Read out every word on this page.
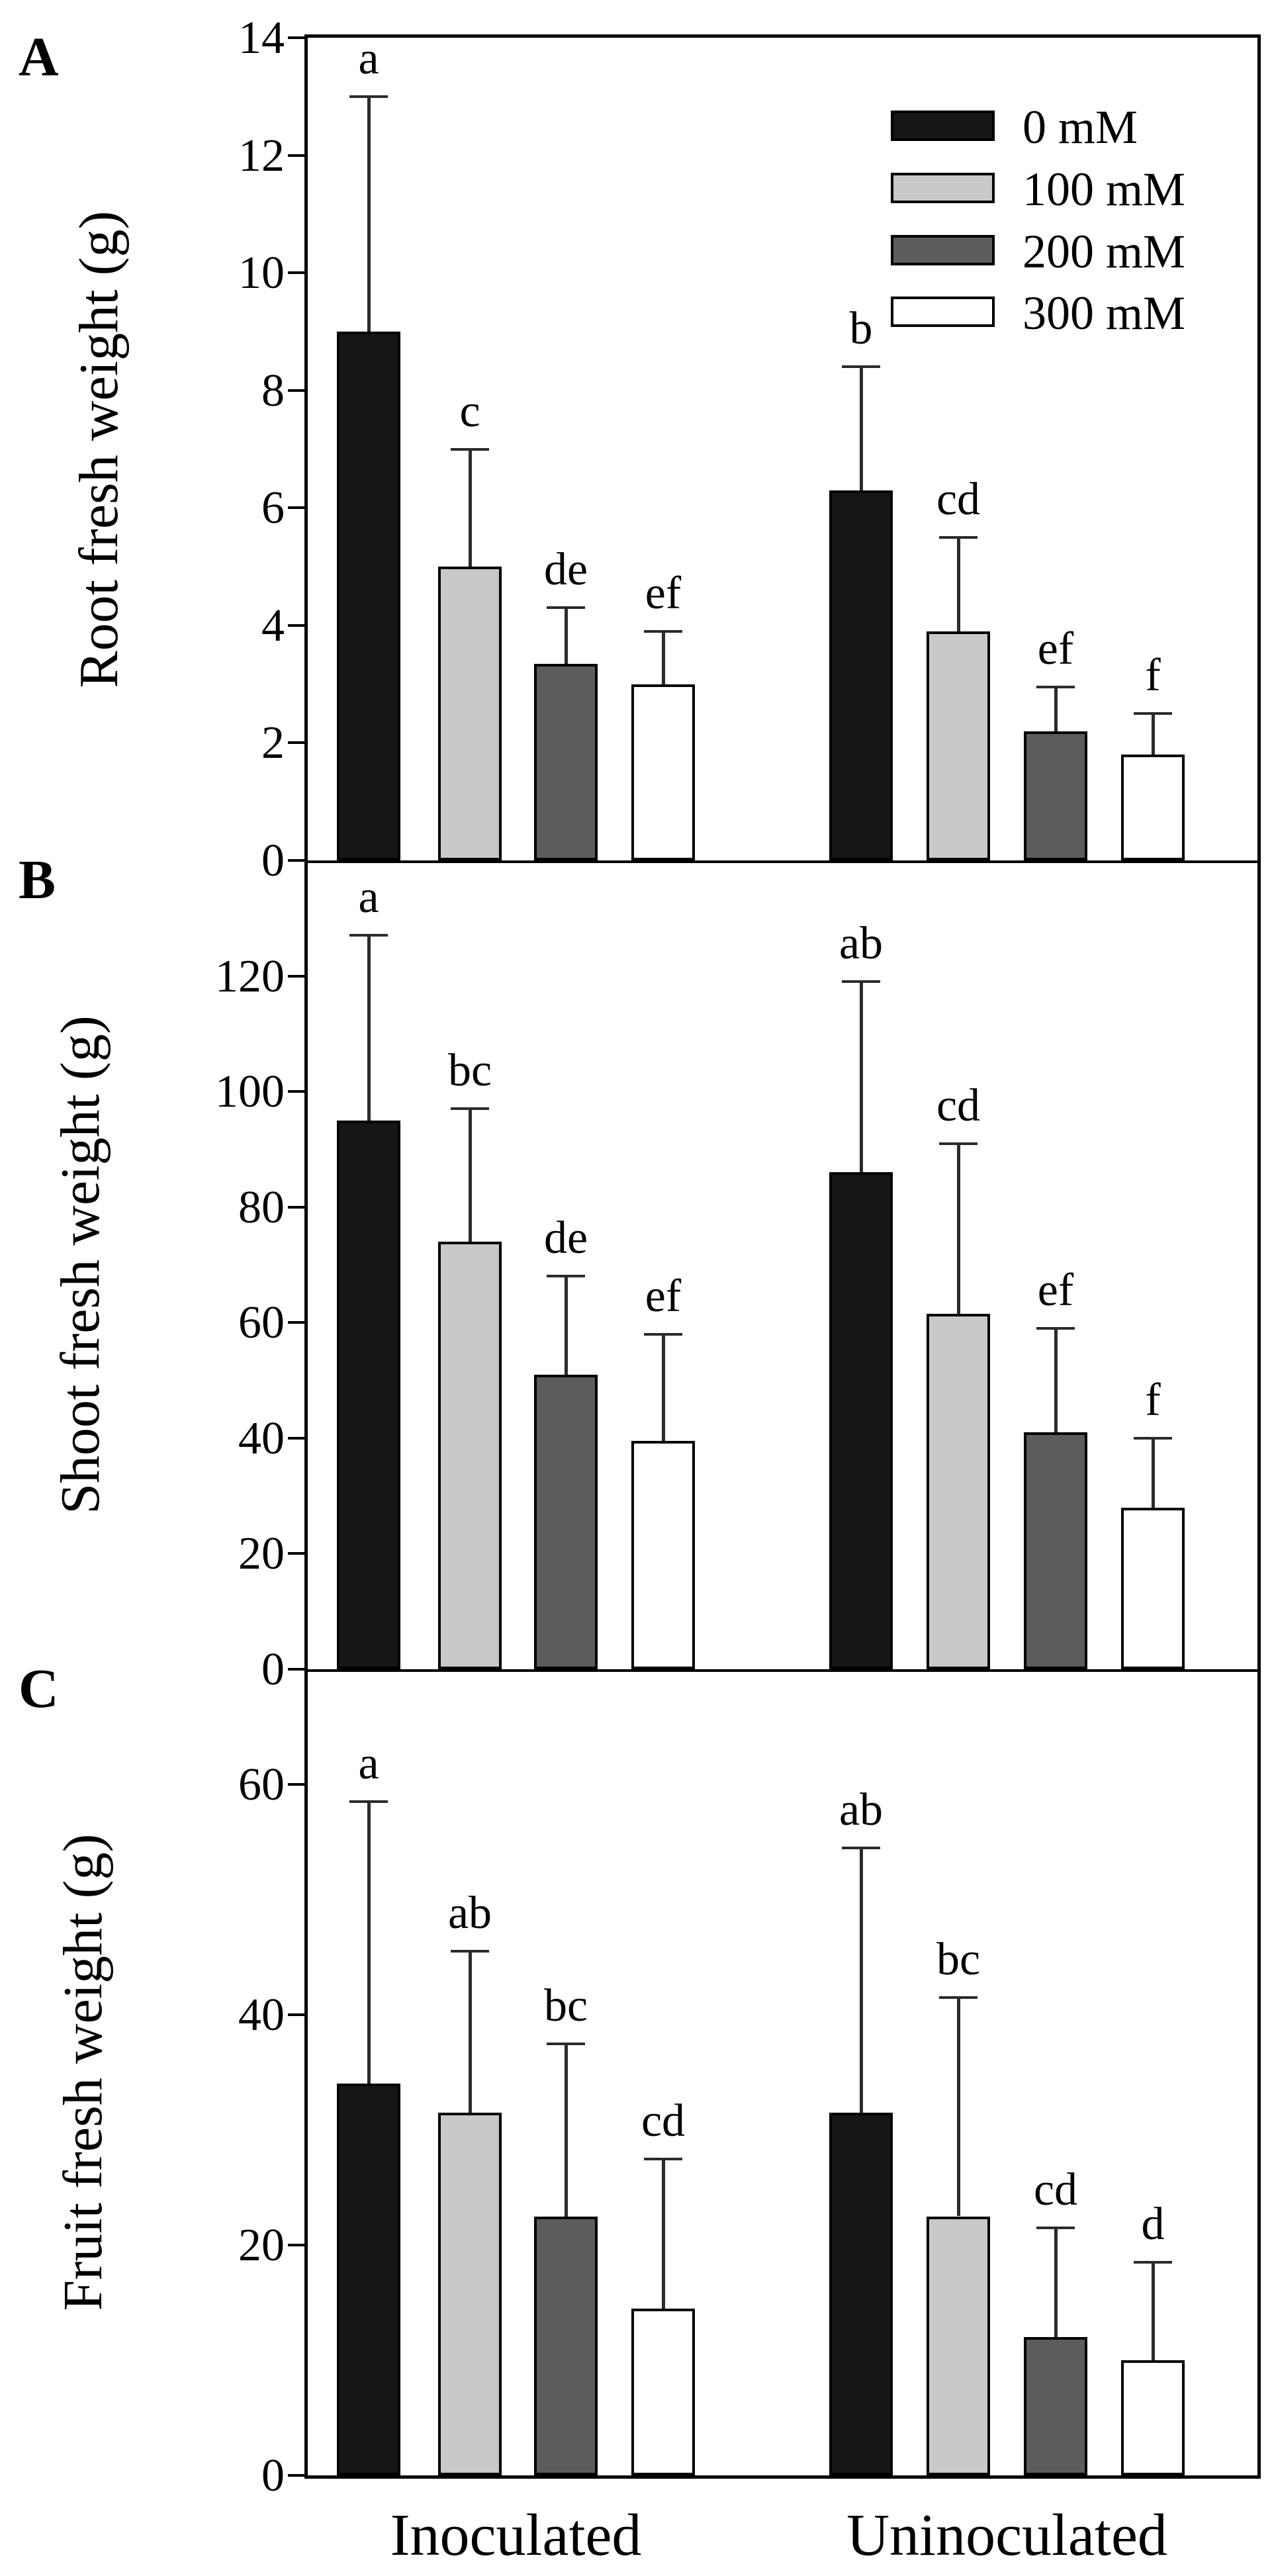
A
Root fresh weight (g)
0
2
4
6
8
10
12
14	a
c
de	ef
b
cd
ef
f
B
Shoot fresh weight (g)
0
20
40
60
80
100
120
a
bc
de
ef
ab
cd
ef
f
C
Fruit fresh weight (g)
0
20
40
60	a
ab
bc
cd
ab
bc
cd
d
0 mM
100 mM
200 mM
300 mM
Inoculated	Uninoculated
